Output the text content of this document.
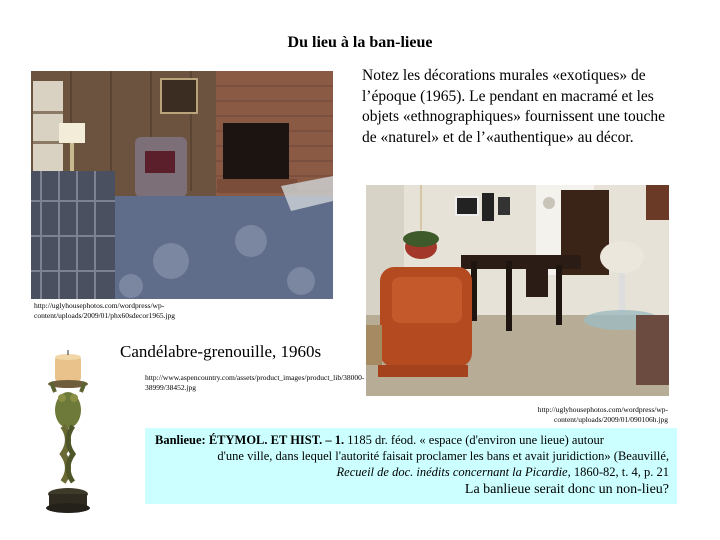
Du lieu à la ban-lieue
Notez les décorations murales «exotiques» de l’époque (1965). Le pendant en macramé et les objets «ethnographiques» fournissent une touche de «naturel» et de l’«authentique» au décor.
http://uglyhousephotos.com/wordpress/wp-content/uploads/2009/01/phx60sdecor1965.jpg
Candélabre-grenouille, 1960s
http://www.aspencountry.com/assets/product_images/product_lib/38000-38999/38452.jpg
http://uglyhousephotos.com/wordpress/wp-content/uploads/2009/01/090106h.jpg
Banlieue: ÉTYMOL. ET HIST. – 1. 1185 dr. féod. « espace (d'environ une lieue) autour
d'une ville, dans lequel l'autorité faisait proclamer les bans et avait juridiction» (Beauvillé,
Recueil de doc. inédits concernant la Picardie, 1860-82, t. 4, p. 21
La banlieue serait donc un non-lieu?
